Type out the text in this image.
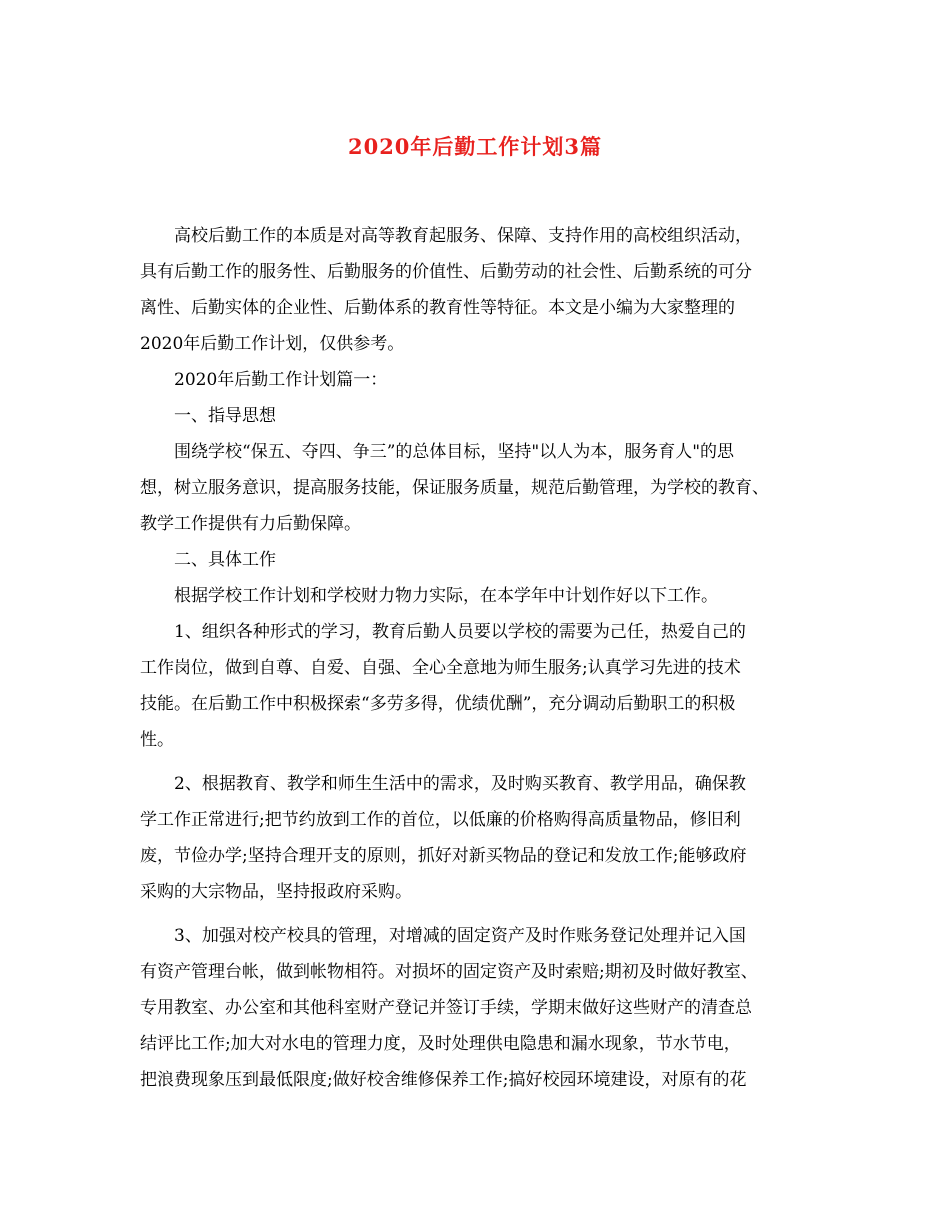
2020年后勤工作计划3篇
高校后勤工作的本质是对高等教育起服务、保障、支持作用的高校组织活动，
具有后勤工作的服务性、后勤服务的价值性、后勤劳动的社会性、后勤系统的可分
离性、后勤实体的企业性、后勤体系的教育性等特征。本文是小编为大家整理的
2020年后勤工作计划，仅供参考。
2020年后勤工作计划篇一：
一、指导思想
围绕学校“保五、夺四、争三”的总体目标，坚持"以人为本，服务育人"的思
想，树立服务意识，提高服务技能，保证服务质量，规范后勤管理，为学校的教育、
教学工作提供有力后勤保障。
二、具体工作
根据学校工作计划和学校财力物力实际，在本学年中计划作好以下工作。
1、组织各种形式的学习，教育后勤人员要以学校的需要为己任，热爱自己的
工作岗位，做到自尊、自爱、自强、全心全意地为师生服务;认真学习先进的技术
技能。在后勤工作中积极探索“多劳多得，优绩优酬”，充分调动后勤职工的积极
性。
2、根据教育、教学和师生生活中的需求，及时购买教育、教学用品，确保教
学工作正常进行;把节约放到工作的首位，以低廉的价格购得高质量物品，修旧利
废，节俭办学;坚持合理开支的原则，抓好对新买物品的登记和发放工作;能够政府
采购的大宗物品，坚持报政府采购。
3、加强对校产校具的管理，对增减的固定资产及时作账务登记处理并记入国
有资产管理台帐，做到帐物相符。对损坏的固定资产及时索赔;期初及时做好教室、
专用教室、办公室和其他科室财产登记并签订手续，学期末做好这些财产的清查总
结评比工作;加大对水电的管理力度，及时处理供电隐患和漏水现象，节水节电，
把浪费现象压到最低限度;做好校舍维修保养工作;搞好校园环境建设，对原有的花
